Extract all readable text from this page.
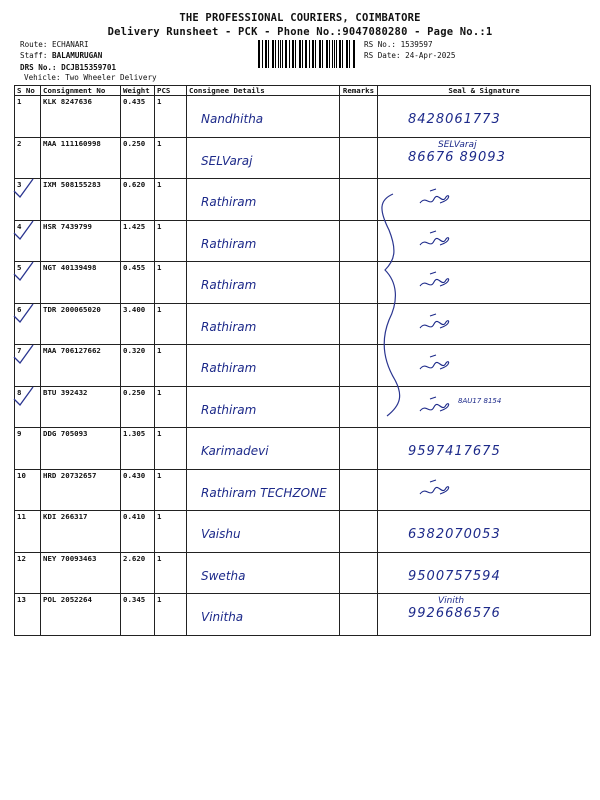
THE PROFESSIONAL COURIERS, COIMBATORE
Delivery Runsheet - PCK - Phone No.:9047080280 - Page No.:1
Route: ECHANARI
Staff: BALAMURUGAN
DRS No.: DCJB15359701
Vehicle: Two Wheeler Delivery
RS No.: 1539597
RS Date: 24-Apr-2025
S No	Consignment No	Weight	PCS	Consignee Details	Remarks	Seal & Signature
1	KLK 8247636	0.435	1	Nandhitha		8428061773

2	MAA 111160998	0.250	1	SELVaraj		SELVaraj
86676 89093

3	IXM 508155283	0.620	1	Rathiram

4	HSR 7439799	1.425	1	Rathiram

5	NGT 40139498	0.455	1	Rathiram

6	TDR 200065020	3.400	1	Rathiram

7	MAA 706127662	0.320	1	Rathiram

8	BTU 392432	0.250	1	Rathiram		8AU17 8154

9	DDG 705093	1.305	1	Karimadevi		9597417675

10	HRD 20732657	0.430	1	Rathiram TECHZONE

11	KDI 266317	0.410	1	Vaishu		6382070053

12	NEY 70093463	2.620	1	Swetha		9500757594

13	POL 2052264	0.345	1	Vinitha		Vinith
9926686576
